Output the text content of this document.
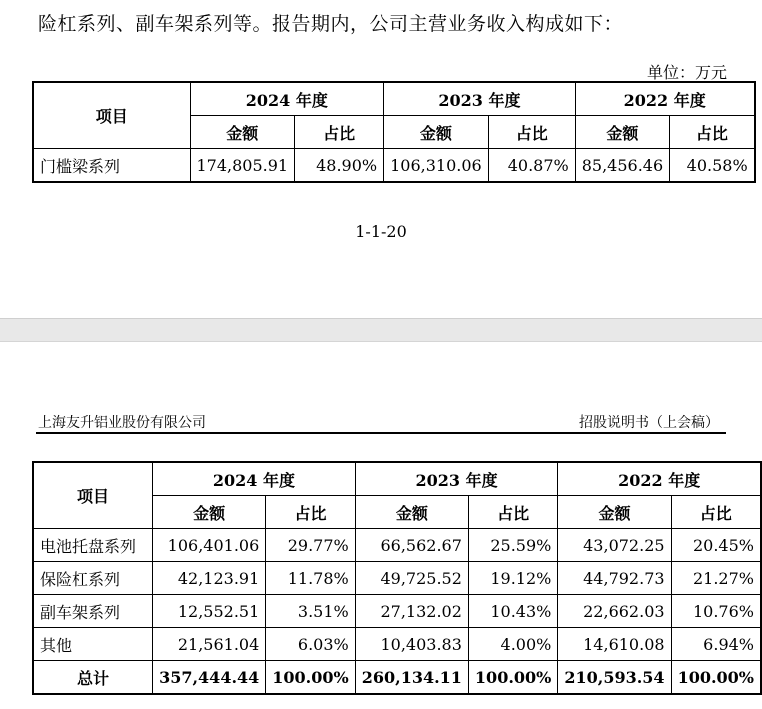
险杠系列、副车架系列等。报告期内，公司主营业务收入构成如下：
单位：万元
项目	2024 年度		2023 年度		2022 年度	
	金额	占比	金额	占比	金额	占比
门槛梁系列	174,805.91	48.90%	106,310.06	40.87%	85,456.46	40.58%
1-1-20
上海友升铝业股份有限公司	招股说明书（上会稿）
项目	2024 年度		2023 年度		2022 年度	
	金额	占比	金额	占比	金额	占比
电池托盘系列	106,401.06	29.77%	66,562.67	25.59%	43,072.25	20.45%
保险杠系列	42,123.91	11.78%	49,725.52	19.12%	44,792.73	21.27%
副车架系列	12,552.51	3.51%	27,132.02	10.43%	22,662.03	10.76%
其他	21,561.04	6.03%	10,403.83	4.00%	14,610.08	6.94%
总计	357,444.44	100.00%	260,134.11	100.00%	210,593.54	100.00%
